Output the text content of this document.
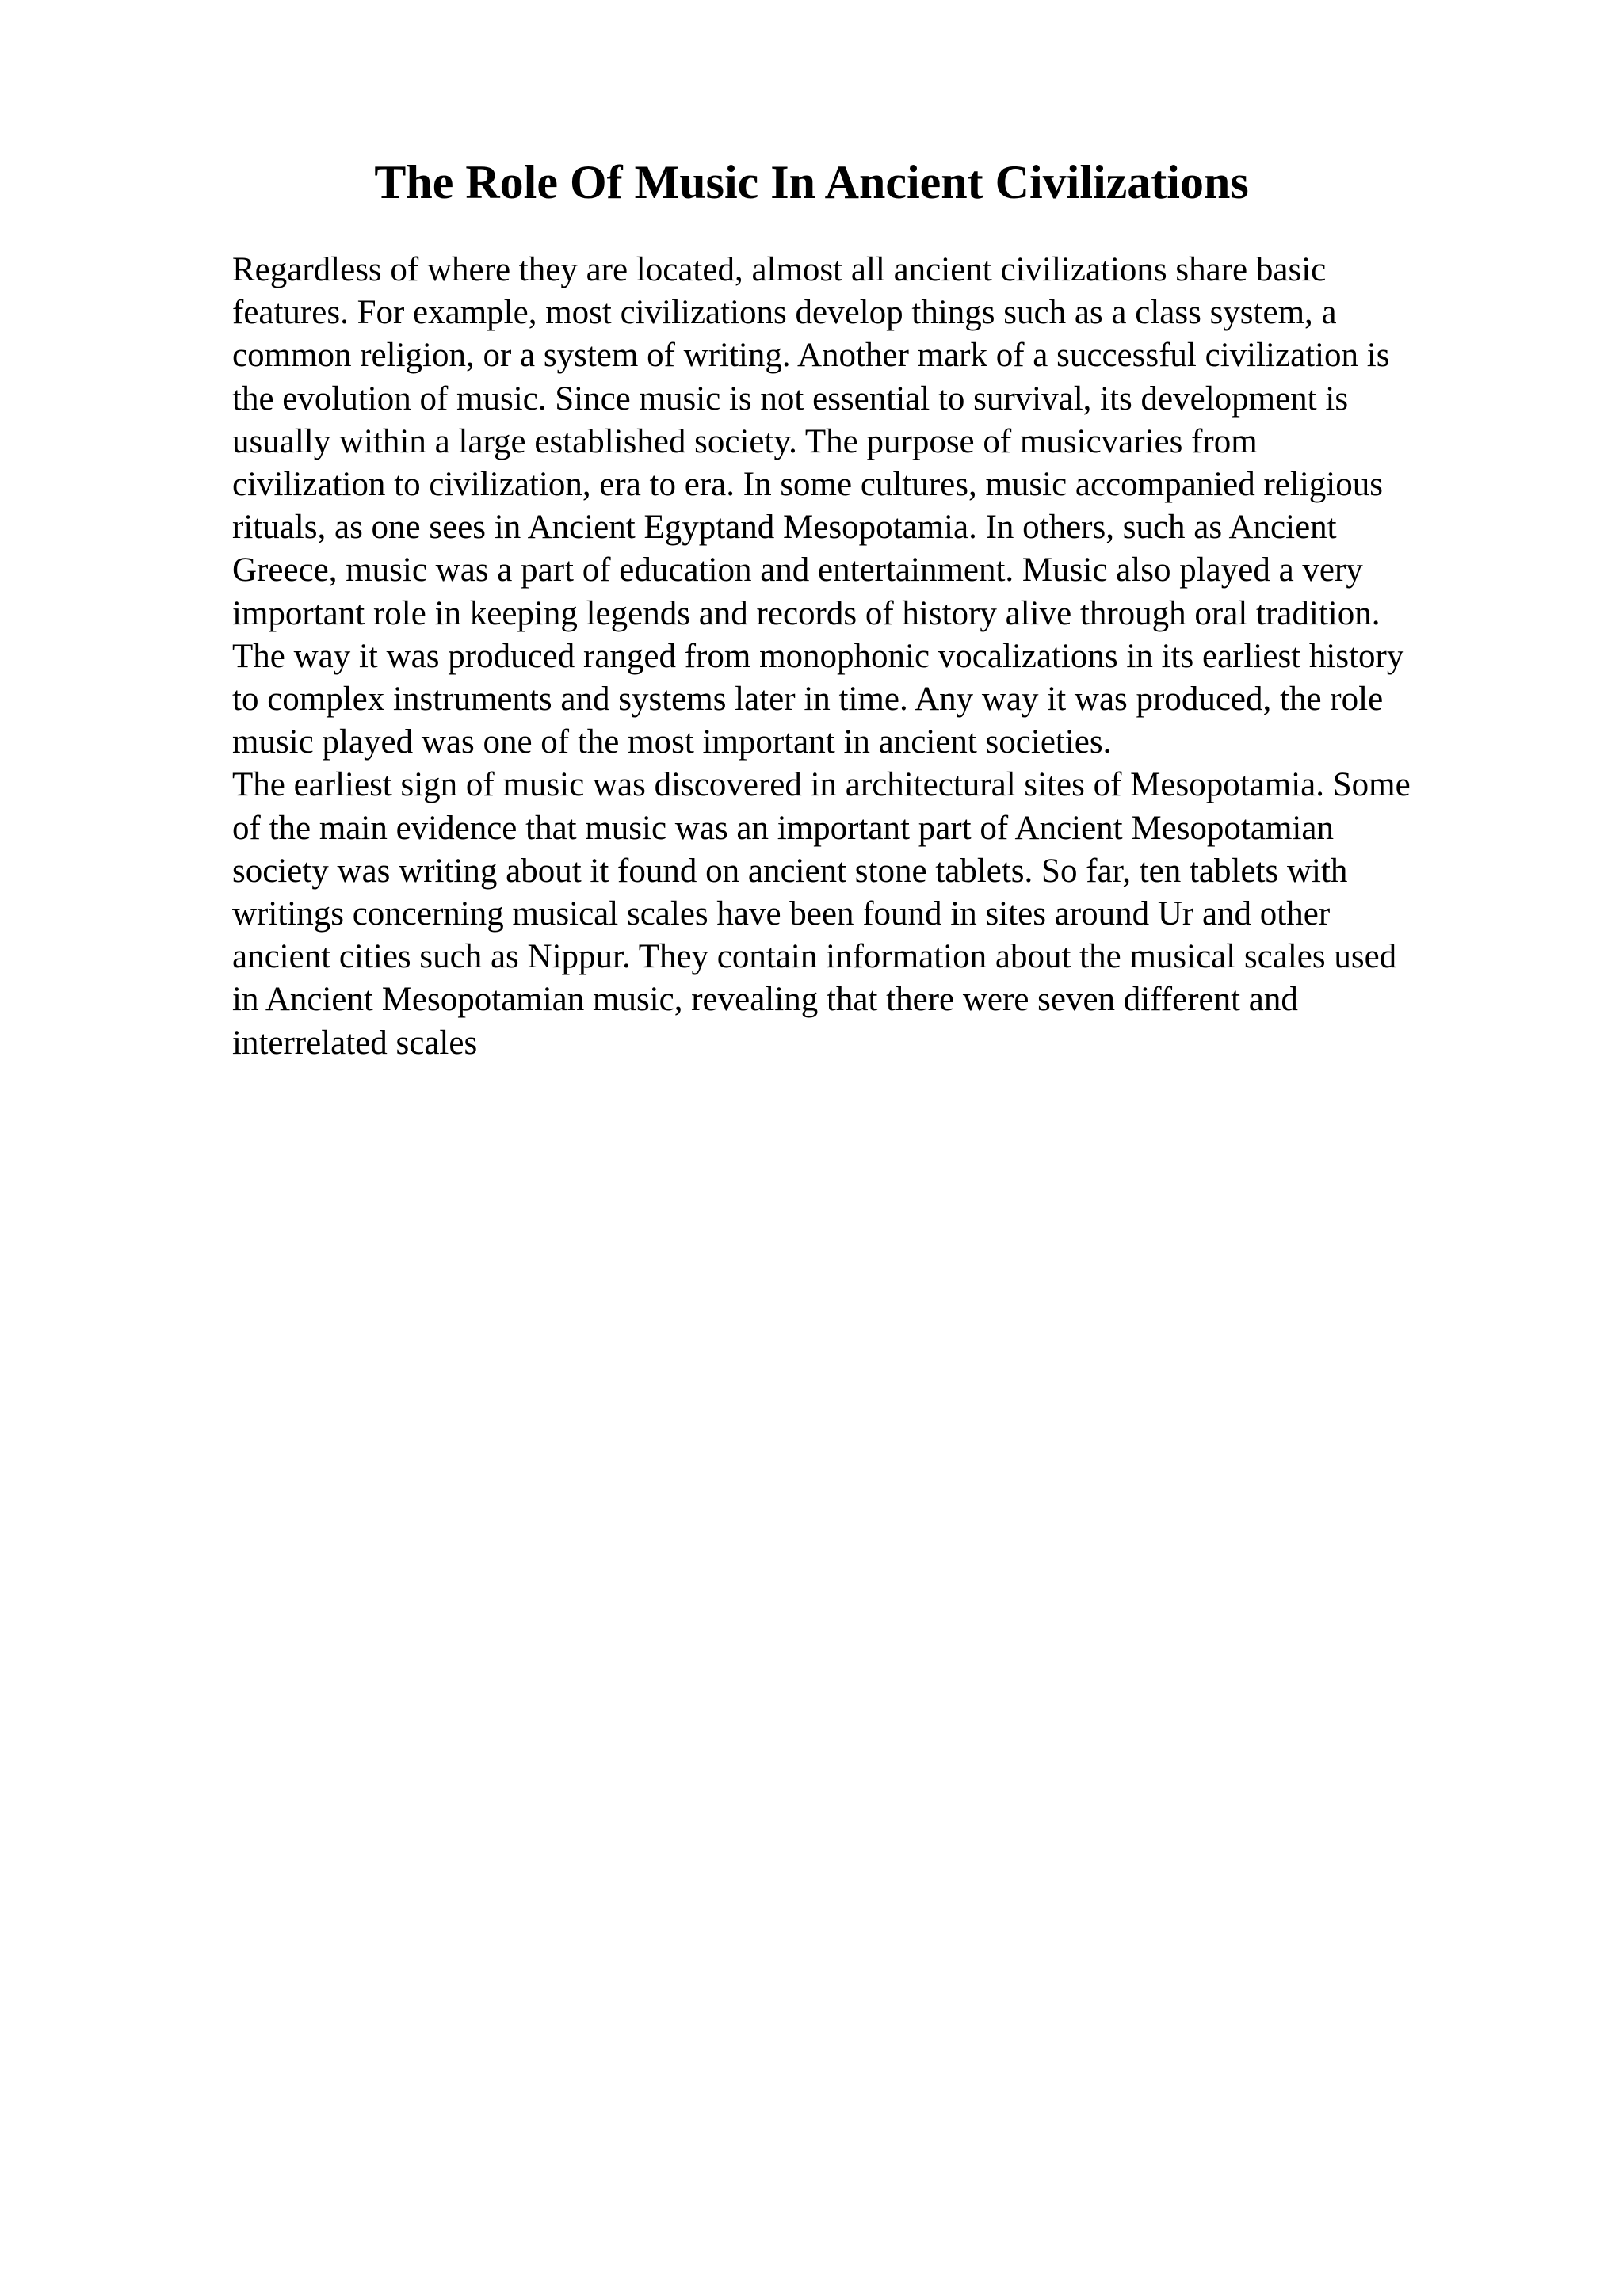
The Role Of Music In Ancient Civilizations
Regardless of where they are located, almost all ancient civilizations share basic
features. For example, most civilizations develop things such as a class system, a
common religion, or a system of writing. Another mark of a successful civilization is
the evolution of music. Since music is not essential to survival, its development is
usually within a large established society. The purpose of musicvaries from
civilization to civilization, era to era. In some cultures, music accompanied religious
rituals, as one sees in Ancient Egyptand Mesopotamia. In others, such as Ancient
Greece, music was a part of education and entertainment. Music also played a very
important role in keeping legends and records of history alive through oral tradition.
The way it was produced ranged from monophonic vocalizations in its earliest history
to complex instruments and systems later in time. Any way it was produced, the role
music played was one of the most important in ancient societies.
The earliest sign of music was discovered in architectural sites of Mesopotamia. Some
of the main evidence that music was an important part of Ancient Mesopotamian
society was writing about it found on ancient stone tablets. So far, ten tablets with
writings concerning musical scales have been found in sites around Ur and other
ancient cities such as Nippur. They contain information about the musical scales used
in Ancient Mesopotamian music, revealing that there were seven different and
interrelated scales
